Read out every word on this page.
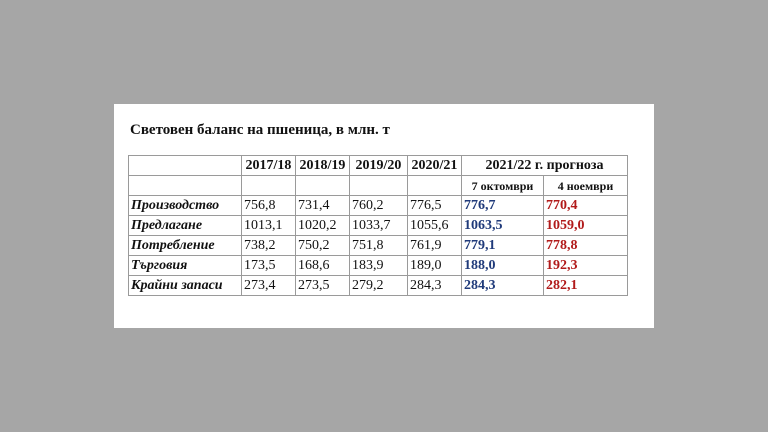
Световен баланс на пшеница, в млн. т
	2017/18	2018/19	2019/20	2020/21	2021/22 г. прогноза	
					7 октомври	4 ноември
Производство	756,8	731,4	760,2	776,5	776,7	770,4
Предлагане	1013,1	1020,2	1033,7	1055,6	1063,5	1059,0
Потребление	738,2	750,2	751,8	761,9	779,1	778,8
Търговия	173,5	168,6	183,9	189,0	188,0	192,3
Крайни запаси	273,4	273,5	279,2	284,3	284,3	282,1
